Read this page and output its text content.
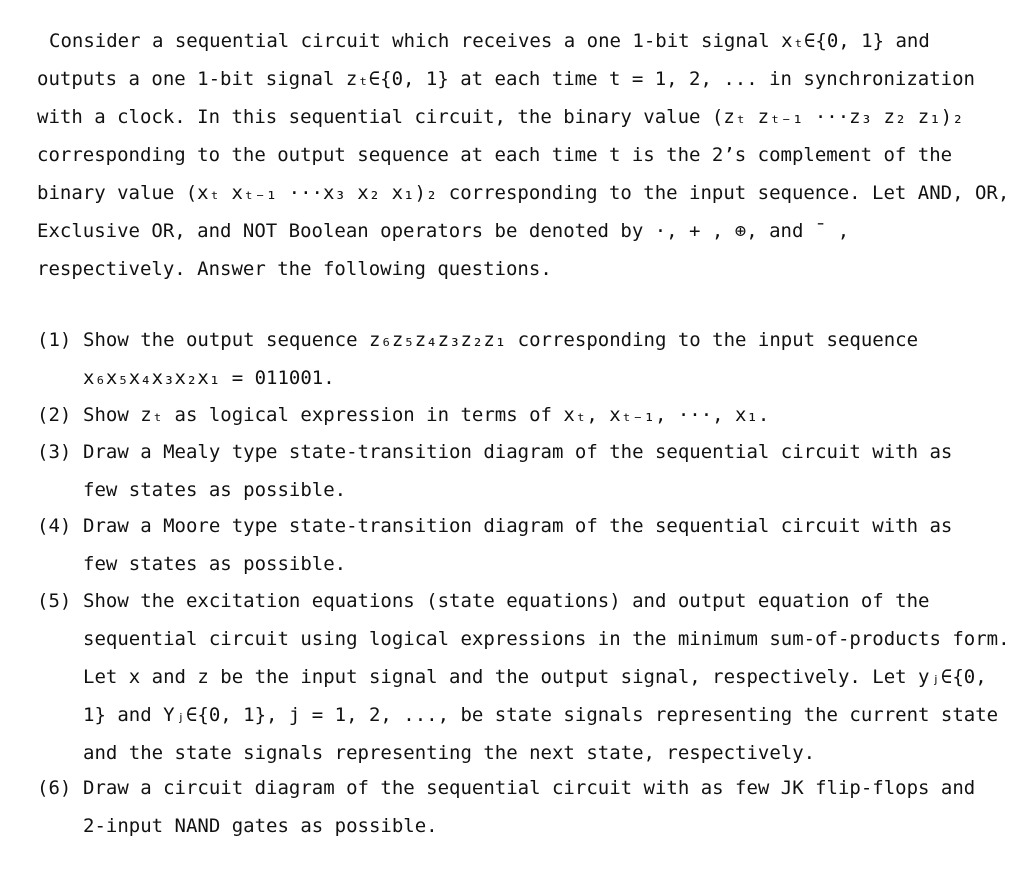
Consider a sequential circuit which receives a one 1-bit signal xₜ∈{0, 1} and
outputs a one 1-bit signal zₜ∈{0, 1} at each time t = 1, 2, ... in synchronization
with a clock. In this sequential circuit, the binary value (zₜ zₜ₋₁ ···z₃ z₂ z₁)₂
corresponding to the output sequence at each time t is the 2’s complement of the
binary value (xₜ xₜ₋₁ ···x₃ x₂ x₁)₂ corresponding to the input sequence. Let AND, OR,
Exclusive OR, and NOT Boolean operators be denoted by ·, + , ⊕, and ¯ ,
respectively. Answer the following questions.
(1) Show the output sequence z₆z₅z₄z₃z₂z₁ corresponding to the input sequence
x₆x₅x₄x₃x₂x₁ = 011001.
(2) Show zₜ as logical expression in terms of xₜ, xₜ₋₁, ···, x₁.
(3) Draw a Mealy type state-transition diagram of the sequential circuit with as
few states as possible.
(4) Draw a Moore type state-transition diagram of the sequential circuit with as
few states as possible.
(5) Show the excitation equations (state equations) and output equation of the
sequential circuit using logical expressions in the minimum sum-of-products form.
Let x and z be the input signal and the output signal, respectively. Let yⱼ∈{0,
1} and Yⱼ∈{0, 1}, j = 1, 2, ..., be state signals representing the current state
and the state signals representing the next state, respectively.
(6) Draw a circuit diagram of the sequential circuit with as few JK flip-flops and
2-input NAND gates as possible.
